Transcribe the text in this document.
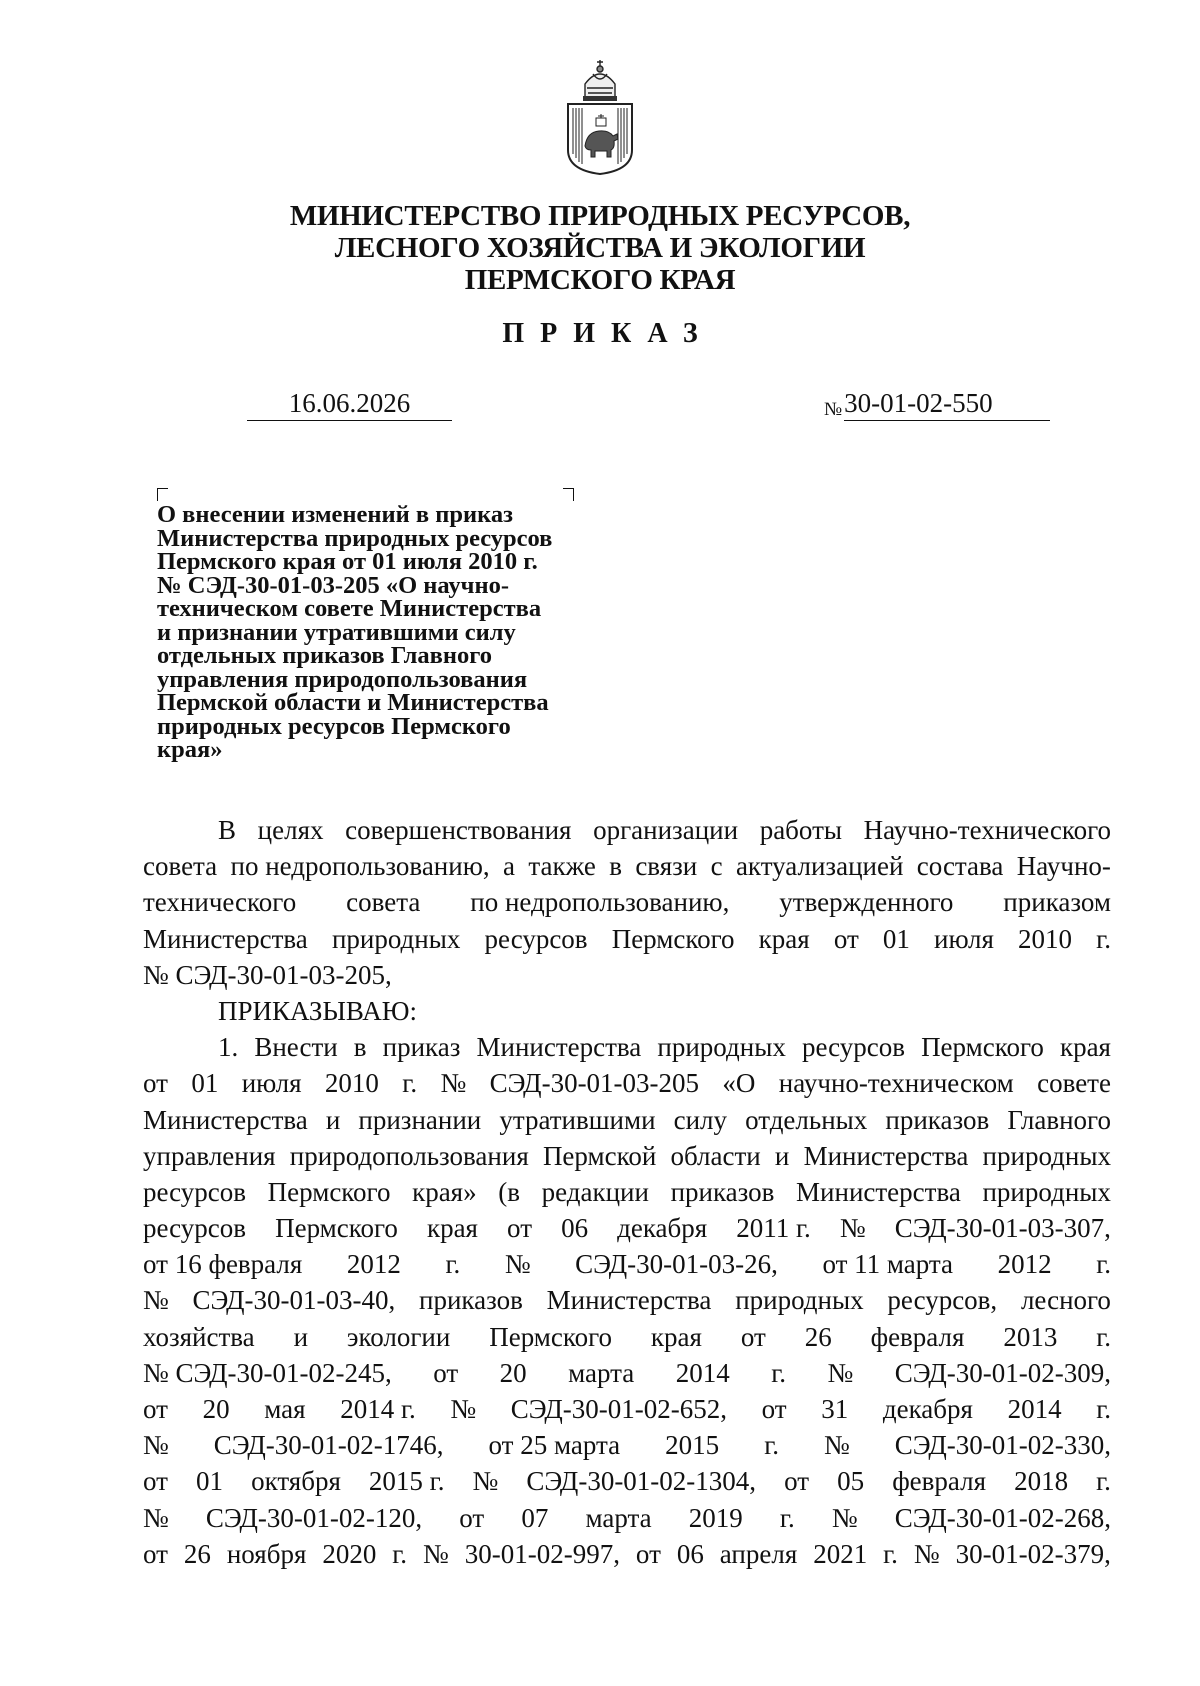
МИНИСТЕРСТВО ПРИРОДНЫХ РЕСУРСОВ,
ЛЕСНОГО ХОЗЯЙСТВА И ЭКОЛОГИИ
ПЕРМСКОГО КРАЯ
ПРИКАЗ
16.06.2026	№30-01-02-550
О внесении изменений в приказ
Министерства природных ресурсов
Пермского края от 01 июля 2010 г.
№ СЭД-30-01-03-205 «О научно-
техническом совете Министерства
и признании утратившими силу
отдельных приказов Главного
управления природопользования
Пермской области и Министерства
природных ресурсов Пермского
края»
В целях совершенствования организации работы Научно-технического
совета по недропользованию, а также в связи с актуализацией состава Научно-
технического совета по недропользованию, утвержденного приказом
Министерства природных ресурсов Пермского края от 01 июля 2010 г.
№ СЭД-30-01-03-205,
ПРИКАЗЫВАЮ:
1. Внести в приказ Министерства природных ресурсов Пермского края
от 01 июля 2010 г. № СЭД-30-01-03-205 «О научно-техническом совете
Министерства и признании утратившими силу отдельных приказов Главного
управления природопользования Пермской области и Министерства природных
ресурсов Пермского края» (в редакции приказов Министерства природных
ресурсов Пермского края от 06 декабря 2011 г. № СЭД-30-01-03-307,
от 16 февраля 2012 г. № СЭД-30-01-03-26, от 11 марта 2012 г.
№ СЭД-30-01-03-40, приказов Министерства природных ресурсов, лесного
хозяйства и экологии Пермского края от 26 февраля 2013 г.
№ СЭД-30-01-02-245, от 20 марта 2014 г. № СЭД-30-01-02-309,
от 20 мая 2014 г. № СЭД-30-01-02-652, от 31 декабря 2014 г.
№ СЭД-30-01-02-1746, от 25 марта 2015 г. № СЭД-30-01-02-330,
от 01 октября 2015 г. № СЭД-30-01-02-1304, от 05 февраля 2018 г.
№ СЭД-30-01-02-120, от 07 марта 2019 г. № СЭД-30-01-02-268,
от 26 ноября 2020 г. № 30-01-02-997, от 06 апреля 2021 г. № 30-01-02-379,
